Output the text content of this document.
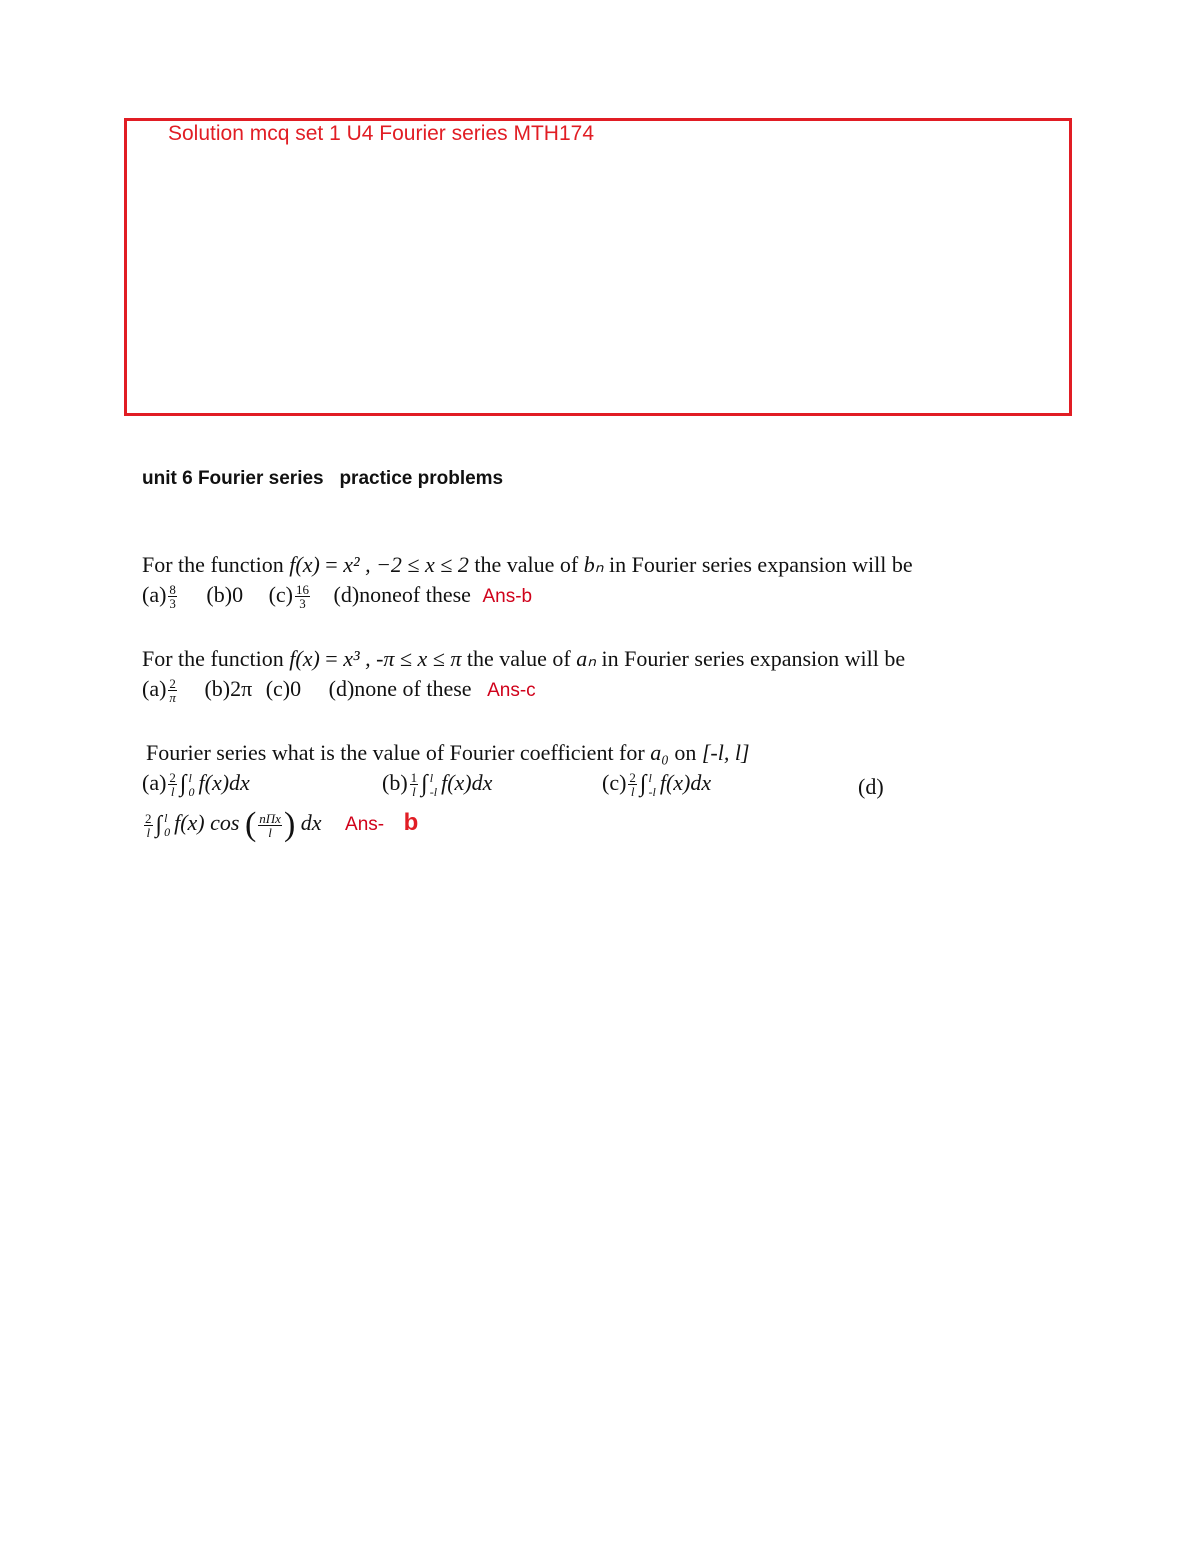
Solution mcq set 1 U4 Fourier series MTH174
unit 6 Fourier series   practice problems
For the function f(x) = x² , −2 ≤ x ≤ 2 the value of bₙ in Fourier series expansion will be
$(a) \frac{8}{3} (b)0$ $(c) \frac{16}{3}$ (d)noneof these Ans-b
For the function f(x) = x³ , -π ≤ x ≤ π the value of aₙ in Fourier series expansion will be
$(a) \frac{2}{\pi} (b)2\pi$ (c)0 (d)none of these Ans-c
Fourier series what is the value of Fourier coefficient for a₀ on [-l, l]
$(a) \frac{2}{l}$ ∫ l
0 f(x)dx	$(b) \frac{1}{l}$ ∫ l
-l f(x)dx	$(c) \frac{2}{l}$ ∫ l
-l f(x)dx	(d)
$\frac{2}{l}$ ∫ l
0 f(x) cos ( $\frac{\text{nΠx}}{l}$ ) dx Ans- b
